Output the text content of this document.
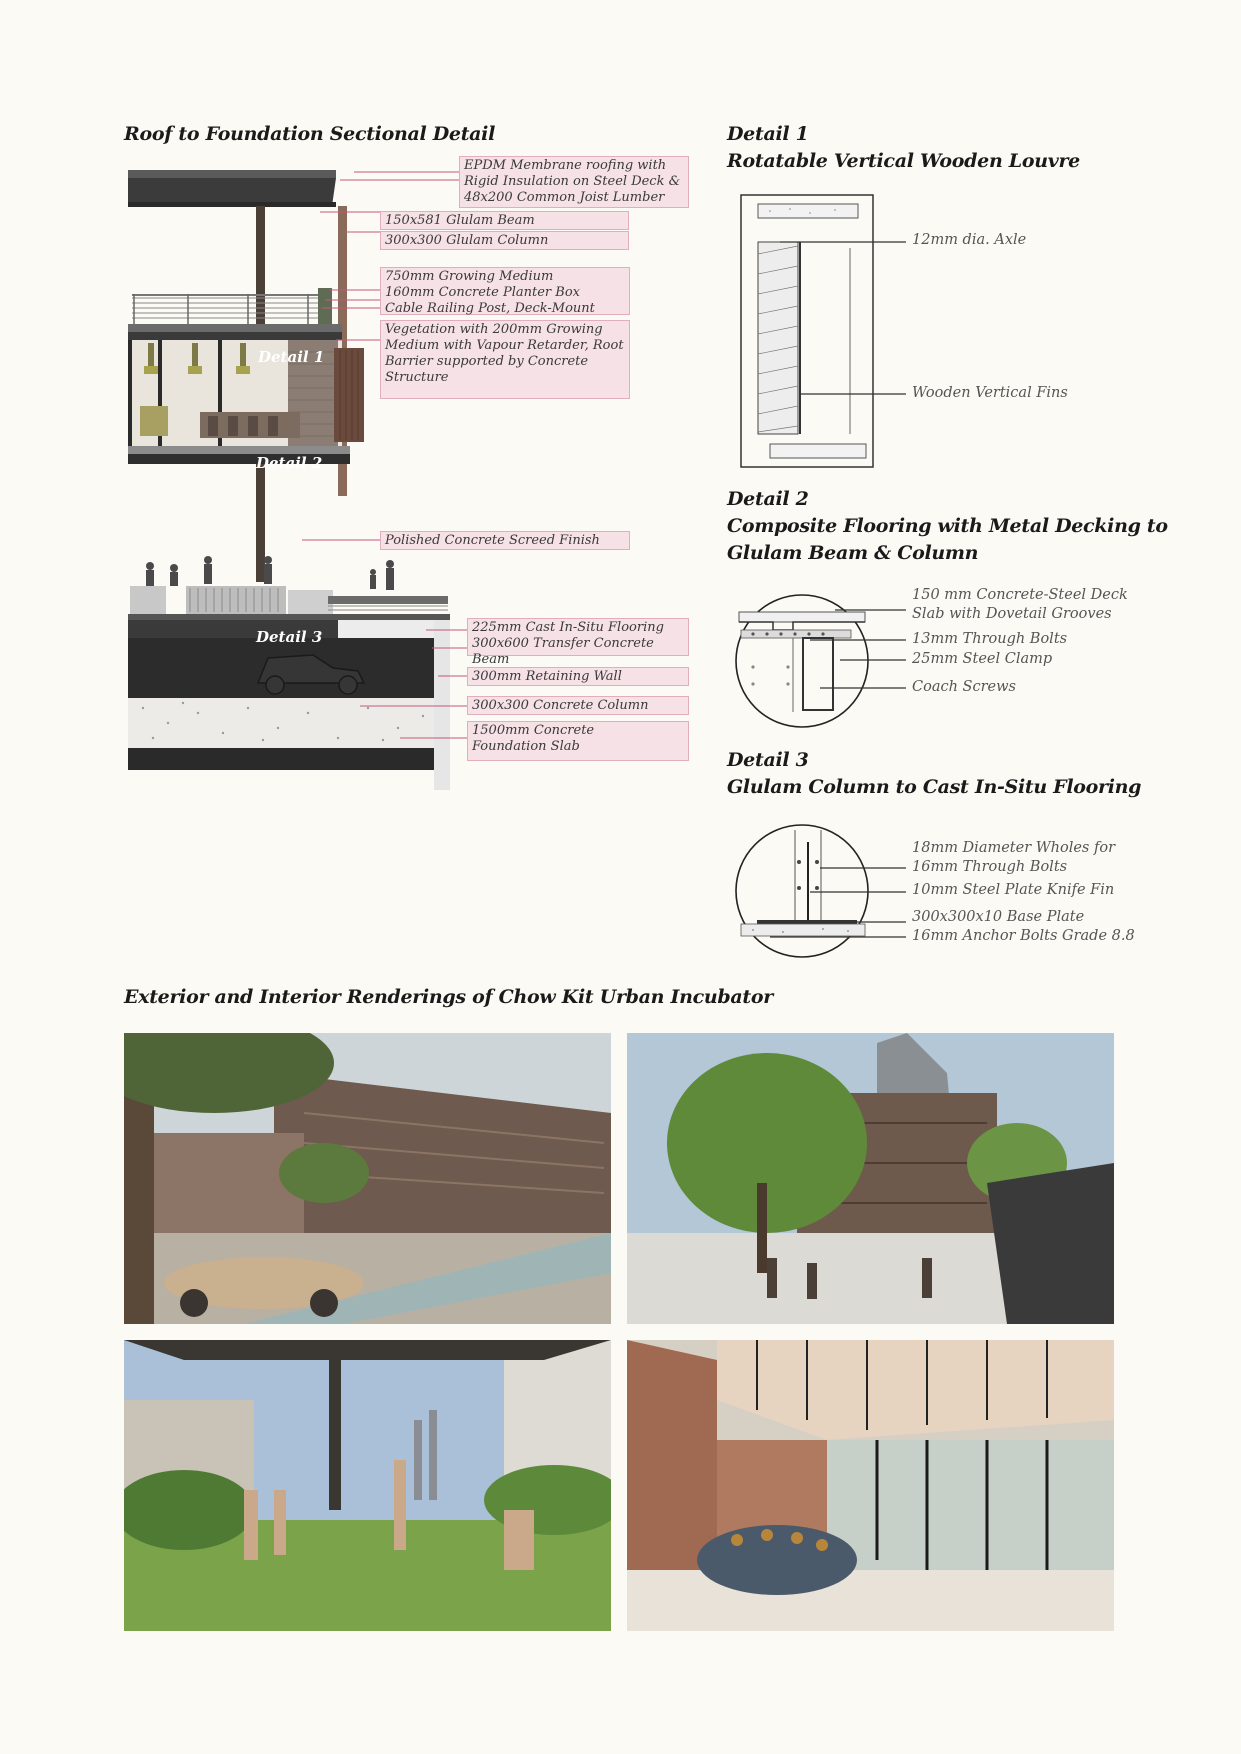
Roof to Foundation Sectional Detail	Detail 1

Rotatable Vertical Wooden Louvre

Detail 2

Composite Flooring with Metal Decking to

Glulam Beam & Column

Detail 3

Glulam Column to Cast In-Situ Flooring

Exterior and Interior Renderings of Chow Kit Urban Incubator

Detail 1

Detail 2

Detail 3

EPDM Membrane roofing with
Rigid Insulation on Steel Deck &
48x200 Common Joist Lumber
150x581 Glulam Beam
300x300 Glulam Column
750mm Growing Medium
160mm Concrete Planter Box
Cable Railing Post, Deck-Mount
Vegetation with 200mm Growing
Medium with Vapour Retarder, Root
Barrier supported by Concrete
Structure
Polished Concrete Screed Finish
225mm Cast In-Situ Flooring
300x600 Transfer Concrete Beam
300mm Retaining Wall
300x300 Concrete Column
1500mm Concrete
Foundation Slab

12mm dia. Axle

Wooden Vertical Fins

150 mm Concrete-Steel Deck

Slab with Dovetail Grooves

13mm Through Bolts

25mm Steel Clamp

Coach Screws

18mm Diameter Wholes for

16mm Through Bolts

10mm Steel Plate Knife Fin

300x300x10 Base Plate

16mm Anchor Bolts Grade 8.8
